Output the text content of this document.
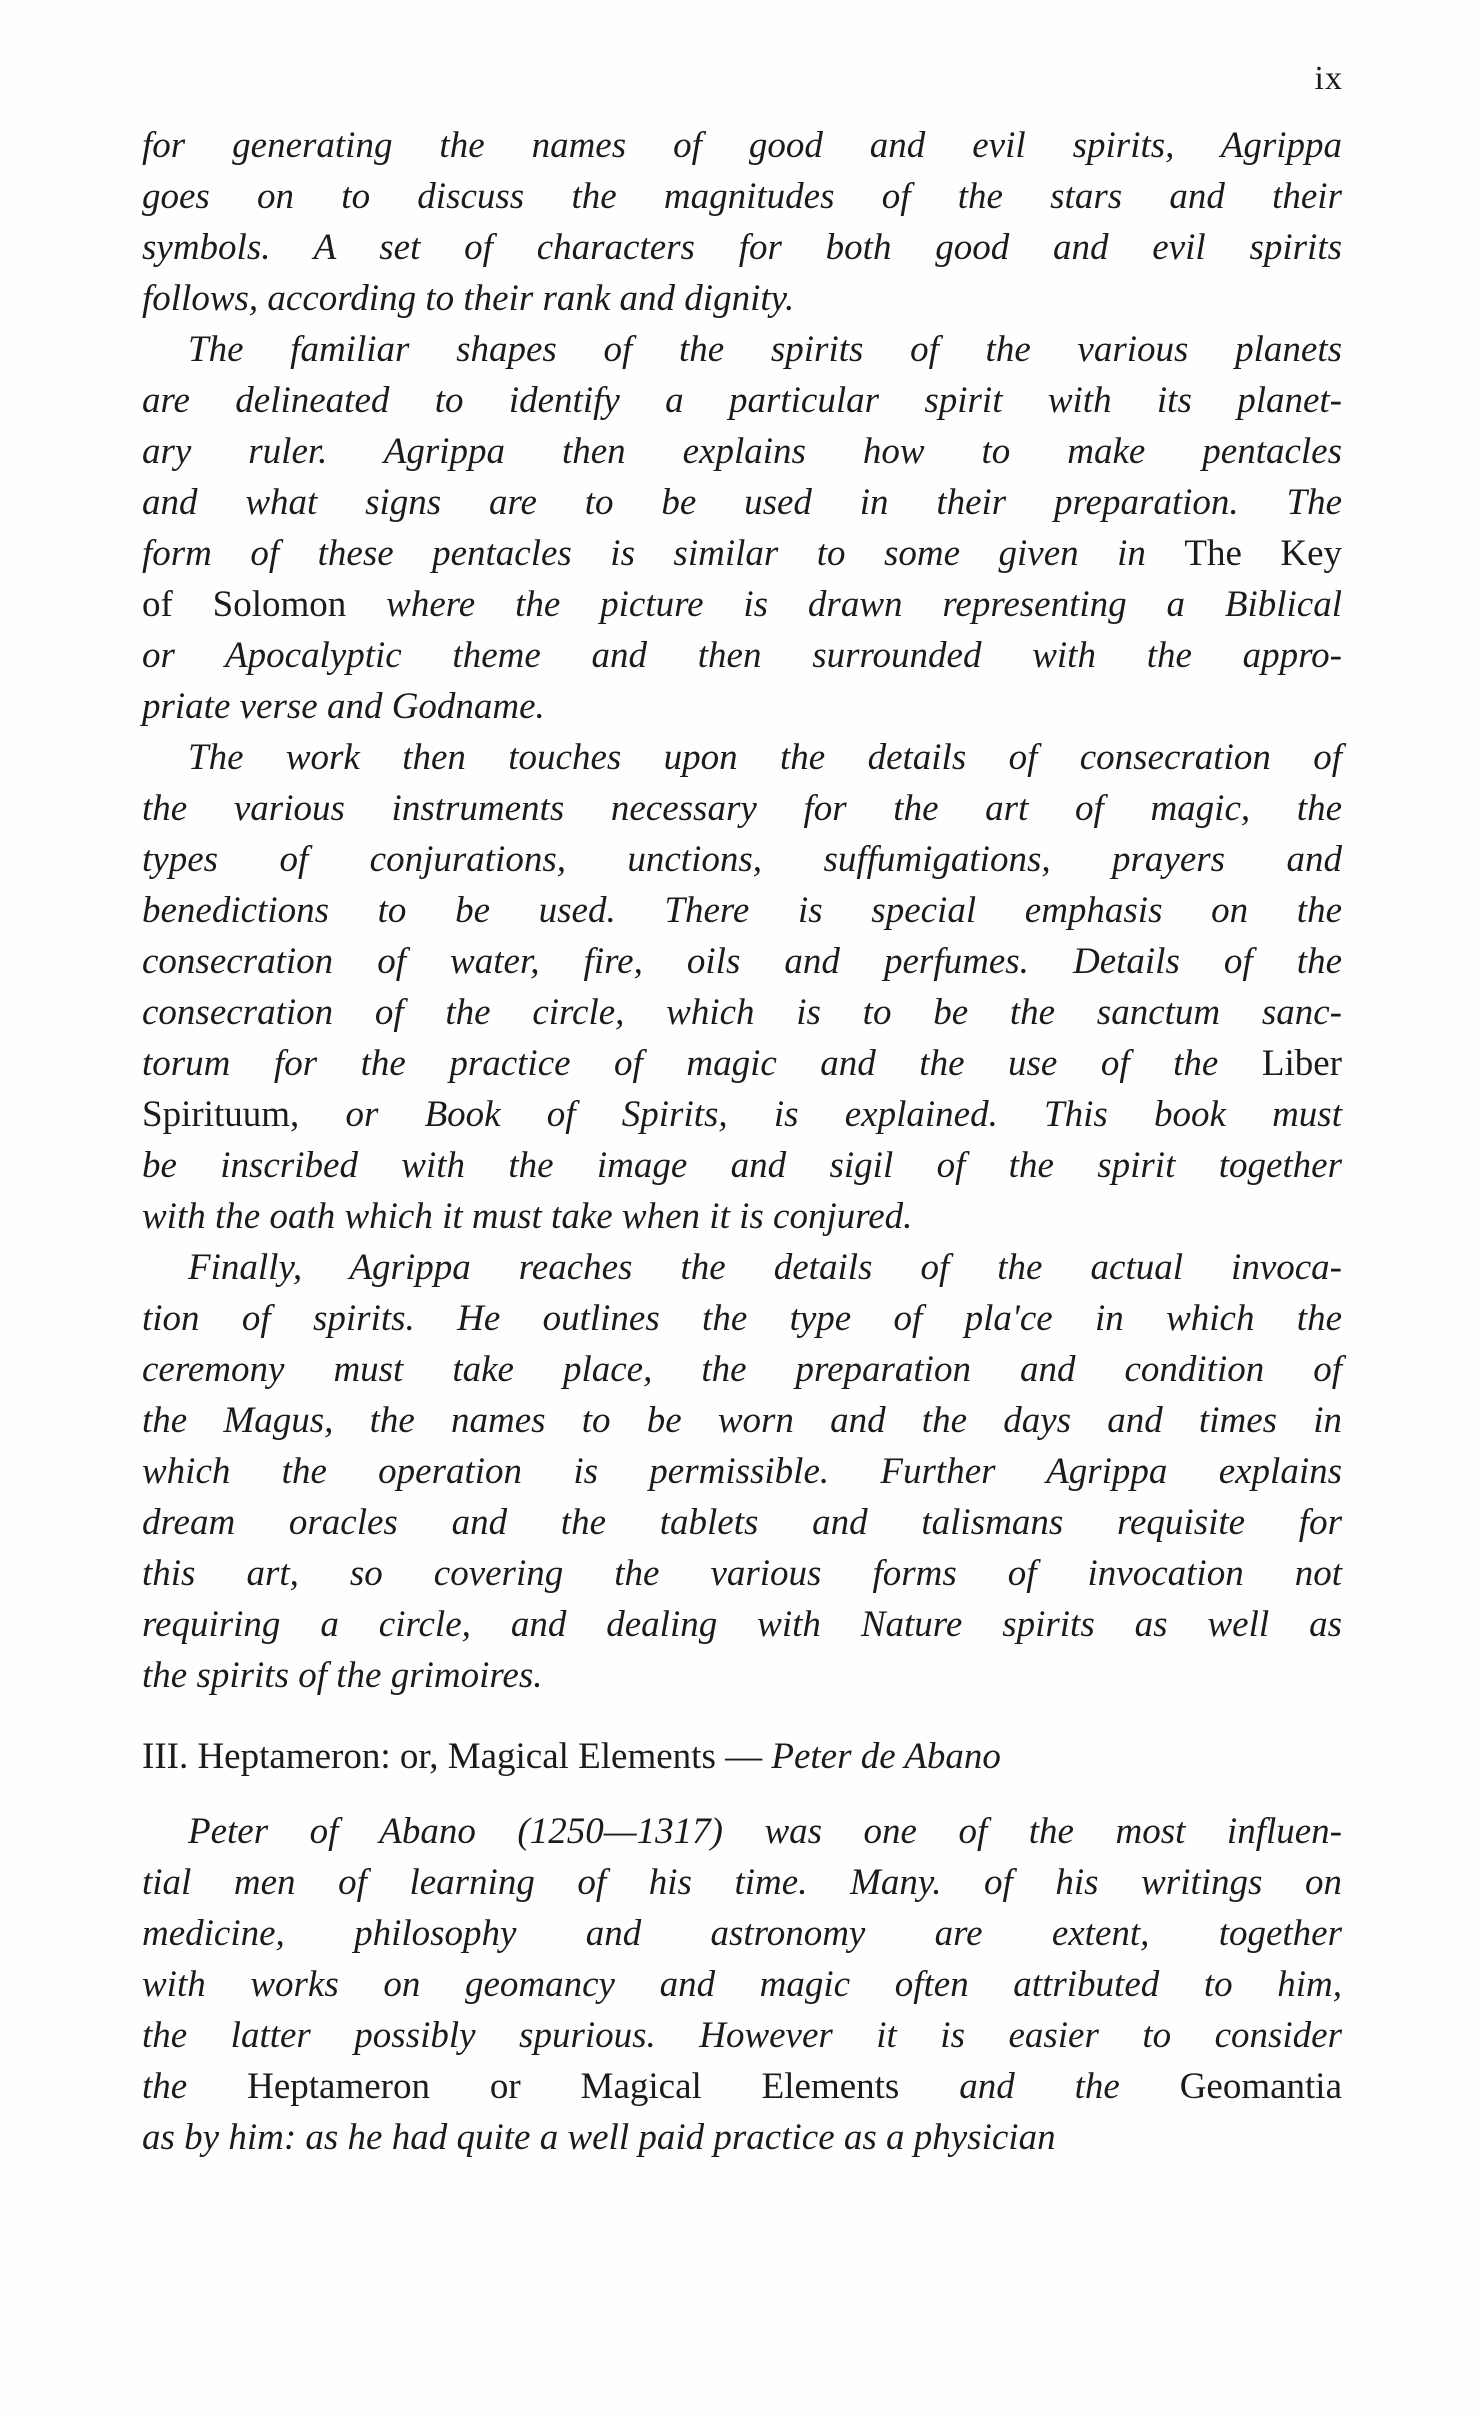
ix

for generating the names of good and evil spirits, Agrippa
goes on to discuss the magnitudes of the stars and their
symbols. A set of characters for both good and evil spirits
follows, according to their rank and dignity.

The familiar shapes of the spirits of the various planets
are delineated to identify a particular spirit with its planet-
ary ruler. Agrippa then explains how to make pentacles
and what signs are to be used in their preparation. The
form of these pentacles is similar to some given in The Key
of Solomon where the picture is drawn representing a Biblical
or Apocalyptic theme and then surrounded with the appro-
priate verse and Godname.

The work then touches upon the details of consecration of
the various instruments necessary for the art of magic, the
types of conjurations, unctions, suffumigations, prayers and
benedictions to be used. There is special emphasis on the
consecration of water, fire, oils and perfumes. Details of the
consecration of the circle, which is to be the sanctum sanc-
torum for the practice of magic and the use of the Liber
Spirituum, or Book of Spirits, is explained. This book must
be inscribed with the image and sigil of the spirit together
with the oath which it must take when it is conjured.

Finally, Agrippa reaches the details of the actual invoca-
tion of spirits. He outlines the type of pla'ce in which the
ceremony must take place, the preparation and condition of
the Magus, the names to be worn and the days and times in
which the operation is permissible. Further Agrippa explains
dream oracles and the tablets and talismans requisite for
this art, so covering the various forms of invocation not
requiring a circle, and dealing with Nature spirits as well as
the spirits of the grimoires.

III. Heptameron: or, Magical Elements — Peter de Abano

Peter of Abano (1250—1317) was one of the most influen-
tial men of learning of his time. Many. of his writings on
medicine, philosophy and astronomy are extent, together
with works on geomancy and magic often attributed to him,
the latter possibly spurious. However it is easier to consider
the Heptameron or Magical Elements and the Geomantia
as by him: as he had quite a well paid practice as a physician
